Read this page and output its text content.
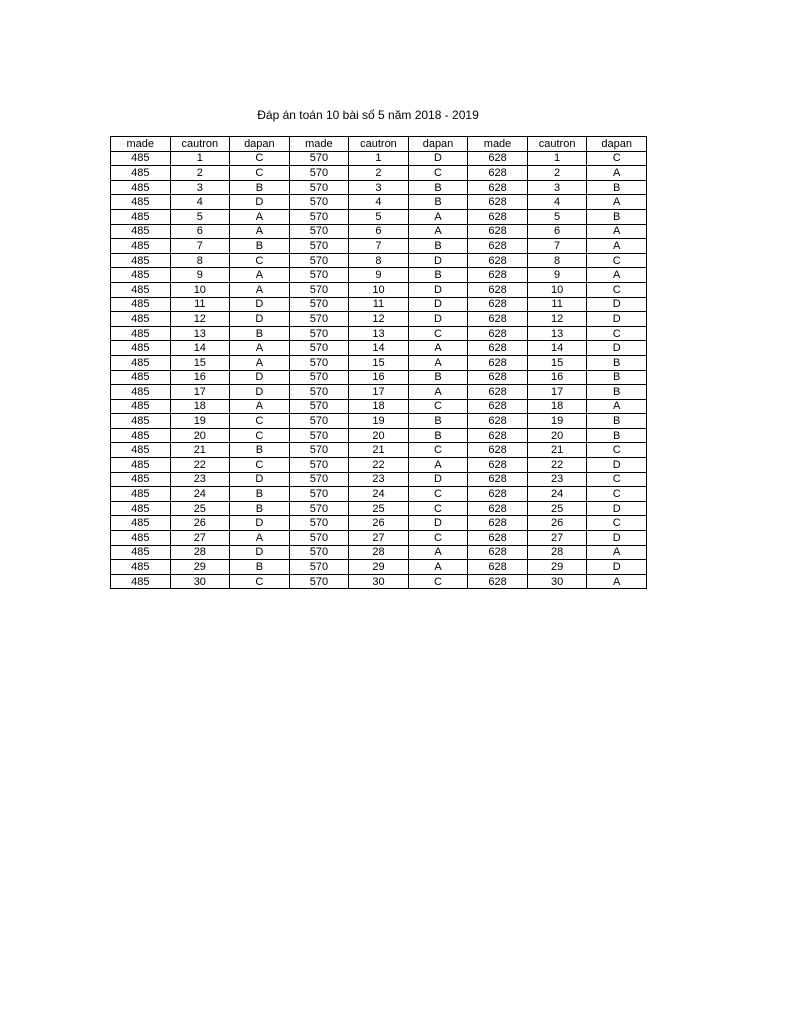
Đáp án toán 10 bài số 5 năm 2018 - 2019
made	cautron	dapan	made	cautron	dapan	made	cautron	dapan
485	1	C	570	1	D	628	1	C
485	2	C	570	2	C	628	2	A
485	3	B	570	3	B	628	3	B
485	4	D	570	4	B	628	4	A
485	5	A	570	5	A	628	5	B
485	6	A	570	6	A	628	6	A
485	7	B	570	7	B	628	7	A
485	8	C	570	8	D	628	8	C
485	9	A	570	9	B	628	9	A
485	10	A	570	10	D	628	10	C
485	11	D	570	11	D	628	11	D
485	12	D	570	12	D	628	12	D
485	13	B	570	13	C	628	13	C
485	14	A	570	14	A	628	14	D
485	15	A	570	15	A	628	15	B
485	16	D	570	16	B	628	16	B
485	17	D	570	17	A	628	17	B
485	18	A	570	18	C	628	18	A
485	19	C	570	19	B	628	19	B
485	20	C	570	20	B	628	20	B
485	21	B	570	21	C	628	21	C
485	22	C	570	22	A	628	22	D
485	23	D	570	23	D	628	23	C
485	24	B	570	24	C	628	24	C
485	25	B	570	25	C	628	25	D
485	26	D	570	26	D	628	26	C
485	27	A	570	27	C	628	27	D
485	28	D	570	28	A	628	28	A
485	29	B	570	29	A	628	29	D
485	30	C	570	30	C	628	30	A
